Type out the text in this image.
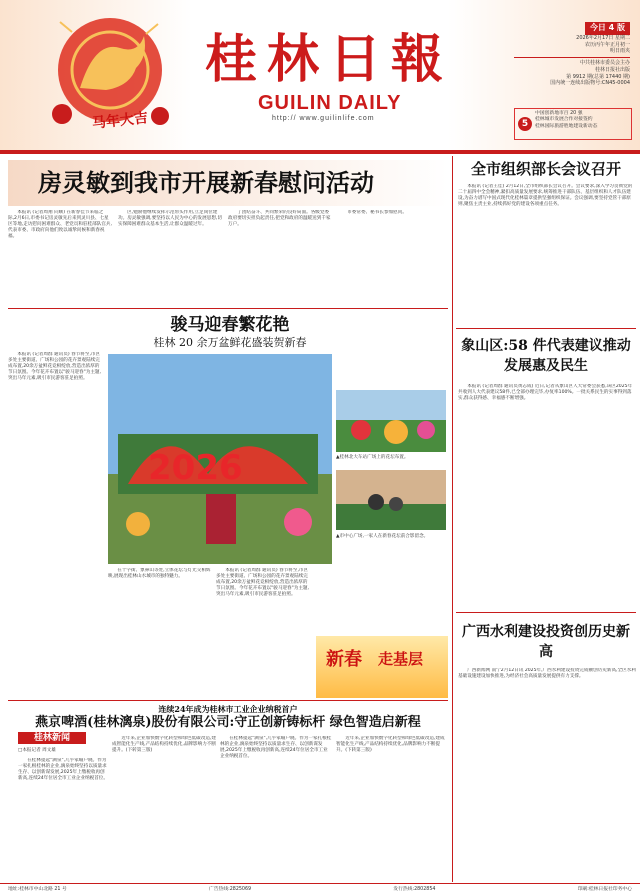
马年大吉
桂林日報
GUILIN DAILY
http:// www.guilinlife.com
今日 4 版
2026年2月17日 星期二
农历丙午年正月初一
明日雨夹
中共桂林市委员会主办
桂林日报社出版
第 9912 期(总第 17440 期)
国内统一连续出版物号:CN45-0004
5
中国创新地市百 20 强
桂林城市发展合作对接签约
桂林国际旅游胜地建设新动态
房灵敏到我市开展新春慰问活动

本报讯 (记者周翔 向顺) 在新春佳节来临之际,2月6日,市委书记房灵敏先后来到灵川县、七星区等地,走访慰问困难群众、老党员和驻桂部队官兵,代表市委、市政府向他们致以诚挚问候和新春祝福。

区,勉励他继续发挥示范带头作用,立足岗位建功。房灵敏强调,要坚持以人民为中心的发展思想,切实保障困难群众基本生活,让群众温暖过年。

了团结奋斗、共同繁荣的良好局面。各级党委政府要切实担负起责任,把党和政府的温暖送到千家万户。

市委常委、秘书长参加慰问。

骏马迎春繁花艳
桂林 20 余万盆鲜花盛装贺新春

本报讯 (记者周群 通讯员) 春节将至,市区多处主要街道、广场和公园的花卉景观陆续完成布置,20余万盆鲜花竞相绽放,营造出浓厚的节日氛围。今年花卉布置以"骏马迎春"为主题,突出马年元素,吸引市民游客驻足拍照。

2026	▲桂林北大车站广场上的花坛布置。
▲市中心广场,一家人在新春花坛前合影留念。

在十字街、象鼻山等处,立体花坛与灯光交相辉映,展现出桂林山水城市的独特魅力。

本报讯 (记者周群 通讯员) 春节将至,市区多处主要街道、广场和公园的花卉景观陆续完成布置,20余万盆鲜花竞相绽放,营造出浓厚的节日氛围。今年花卉布置以"骏马迎春"为主题,突出马年元素,吸引市民游客驻足拍照。

新春 走基层
连续24年成为桂林市工业企业纳税首户
燕京啤酒(桂林漓泉)股份有限公司:守正创新铸标杆 绿色智造启新程
桂林新闻
□本报记者 周文雄

在桂林提起"漓泉",几乎家喻户晓。作为一家扎根桂林的企业,漓泉始终坚持以质量求生存、以创新谋发展,2025年上缴税收再创新高,连续24年位居全市工业企业纳税首位。

近年来,企业加快数字化转型和绿色低碳改造,建成智能化生产线,产品结构持续优化,品牌影响力不断提升。(下转第三版)

在桂林提起"漓泉",几乎家喻户晓。作为一家扎根桂林的企业,漓泉始终坚持以质量求生存、以创新谋发展,2025年上缴税收再创新高,连续24年位居全市工业企业纳税首位。

近年来,企业加快数字化转型和绿色低碳改造,建成智能化生产线,产品结构持续优化,品牌影响力不断提升。(下转第三版)

全市组织部长会议召开

本报讯 (记者王佳) 2月12日,全市组织部长会议召开。会议要求,深入学习贯彻党的二十届四中全会精神,紧扣高质量发展要求,统筹推进干部队伍、基层组织和人才队伍建设,为奋力谱写中国式现代化桂林篇章提供坚强组织保证。会议强调,要坚持党管干部原则,聚焦主责主业,持续抓好党的建设各项重点任务。

象山区:58 件代表建议推动发展惠及民生

本报讯 (记者周群 通讯员黄志成) 近日,记者从象山区人大常委会获悉,该区2025年共收到人大代表建议58件,已全部办理完毕,办复率100%。一批关系民生的实事得到落实,群众获得感、幸福感不断增强。

广西水利建设投资创历史新高

广西新闻网 南宁2月12日讯 2025年,广西水利建设投资完成额创历史新高,全区水利基础设施建设加快推进,为经济社会高质量发展提供有力支撑。

地址:桂林市中山北路 21 号	广告热线:2825069	发行热线:2802854	印刷:桂林日报社印务中心
